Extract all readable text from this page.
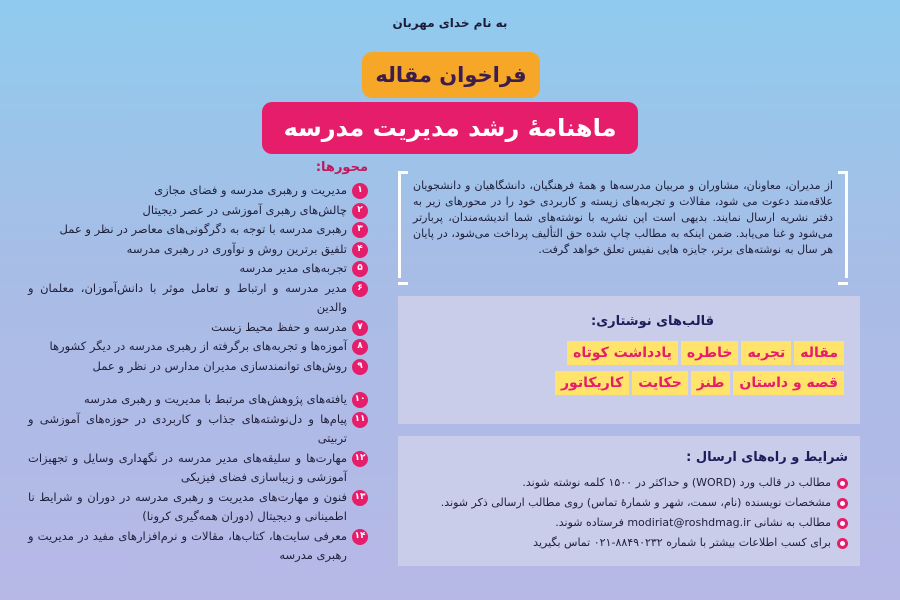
به نام خدای مهربان
فراخوان مقاله
ماهنامۀ رشد مدیریت مدرسه
محورها:
۱
مدیریت و رهبری مدرسه و فضای مجازی
۲
چالش‌های رهبری آموزشی در عصر دیجیتال
۳
رهبری مدرسه با توجه به دگرگونی‌های معاصر در نظر و عمل
۴
تلفیق برترین روش و نوآوری در رهبری مدرسه
۵
تجربه‌های مدیر مدرسه
۶
مدیر مدرسه و ارتباط و تعامل موثر با دانش‌آموزان، معلمان و والدین
۷
مدرسه و حفظ محیط زیست
۸
آموزه‌ها و تجربه‌های برگرفته از رهبری مدرسه در دیگر کشورها
۹
روش‌های توانمندسازی مدیران مدارس در نظر و عمل
۱۰
یافته‌های پژوهش‌های مرتبط با مدیریت و رهبری مدرسه
۱۱
پیام‌ها و دل‌نوشته‌های جذاب و کاربردی در حوزه‌های آموزشی و تربیتی
۱۲
مهارت‌ها و سلیقه‌های مدیر مدرسه در نگهداری وسایل و تجهیزات آموزشی و زیباسازی فضای فیزیکی
۱۳
فنون و مهارت‌های مدیریت و رهبری مدرسه در دوران و شرایط نا اطمینانی و دیجیتال (دوران همه‌گیری کرونا)
۱۴
معرفی سایت‌ها، کتاب‌ها، مقالات و نرم‌افزارهای مفید در مدیریت و رهبری مدرسه
از مدیران، معاونان، مشاوران و مربیان مدرسه‌ها و همهٔ فرهنگیان، دانشگاهیان و دانشجویان علاقه‌مند دعوت می شود، مقالات و تجربه‌های زیسته و کاربردی خود را در محورهای زیر به دفتر نشریه ارسال نمایند. بدیهی است این نشریه با نوشته‌های شما اندیشه‌مندان، پربارتر می‌شود و غنا می‌یابد. ضمن اینکه به مطالب چاپ شده حق التألیف پرداخت می‌شود، در پایان هر سال به نوشته‌های برتر، جایزه هایی نفیس تعلق خواهد گرفت.
قالب‌های نوشتاری:
مقاله
تجربه
خاطره
یادداشت کوتاه
قصه و داستان
طنز
حکایت
کاریکاتور
شرایط و راه‌های ارسال :
مطالب در قالب ورد (WORD) و حداکثر در ۱۵۰۰ کلمه نوشته شوند.
مشخصات نویسنده (نام، سمت، شهر و شمارۀ تماس) روی مطالب ارسالی ذکر شوند.
مطالب به نشانی modiriat@roshdmag.ir فرستاده شوند.
برای کسب اطلاعات بیشتر با شماره ۸۸۴۹۰۲۳۲-۰۲۱ تماس بگیرید
